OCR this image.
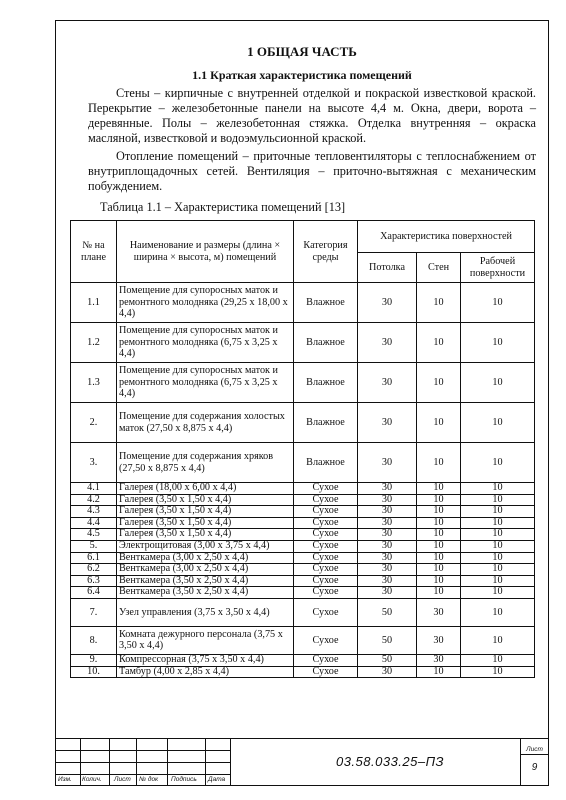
1 ОБЩАЯ ЧАСТЬ
1.1 Краткая характеристика помещений

Стены – кирпичные с внутренней отделкой и покраской известковой краской. Перекрытие – железобетонные панели на высоте 4,4 м. Окна, двери, ворота – деревянные. Полы – железобетонная стяжка. Отделка внутренняя – окраска масляной, известковой и водоэмульсионной краской.

Отопление помещений – приточные тепловентиляторы с теплоснабжением от внутриплощадочных сетей. Вентиляция – приточно-вытяжная с механическим побуждением.

Таблица 1.1 – Характеристика помещений [13]
№ на плане	Наименование и размеры (длина × ширина × высота, м) помещений	Категория среды	Характеристика поверхностей		
			Потолка	Стен	Рабочей поверхности
1.1	Помещение для супоросных маток и ремонтного молодняка (29,25 x 18,00 x 4,4)	Влажное	30	10	10
1.2	Помещение для супоросных маток и ремонтного молодняка (6,75 x 3,25 x 4,4)	Влажное	30	10	10
1.3	Помещение для супоросных маток и ремонтного молодняка (6,75 x 3,25 x 4,4)	Влажное	30	10	10
2.	Помещение для содержания холостых маток (27,50 x 8,875 x 4,4)	Влажное	30	10	10
3.	Помещение для содержания хряков (27,50 x 8,875 x 4,4)	Влажное	30	10	10
4.1	Галерея (18,00 x 6,00 x 4,4)	Сухое	30	10	10
4.2	Галерея (3,50 x 1,50 x 4,4)	Сухое	30	10	10
4.3	Галерея (3,50 x 1,50 x 4,4)	Сухое	30	10	10
4.4	Галерея (3,50 x 1,50 x 4,4)	Сухое	30	10	10
4.5	Галерея (3,50 x 1,50 x 4,4)	Сухое	30	10	10
5.	Электрощитовая (3,00 x 3,75 x 4,4)	Сухое	30	10	10
6.1	Венткамера (3,00 x 2,50 x 4,4)	Сухое	30	10	10
6.2	Венткамера (3,00 x 2,50 x 4,4)	Сухое	30	10	10
6.3	Венткамера (3,50 x 2,50 x 4,4)	Сухое	30	10	10
6.4	Венткамера (3,50 x 2,50 x 4,4)	Сухое	30	10	10
7.	Узел управления (3,75 x 3,50 x 4,4)	Сухое	50	30	10
8.	Комната дежурного персонала (3,75 x 3,50 x 4,4)	Сухое	50	30	10
9.	Компрессорная (3,75 x 3,50 x 4,4)	Сухое	50	30	10
10.	Тамбур (4,00 x 2,85 x 4,4)	Сухое	30	10	10
Изм. Колич. Лист № док Подпись Дата
03.58.033.25–ПЗ
Лист
9
